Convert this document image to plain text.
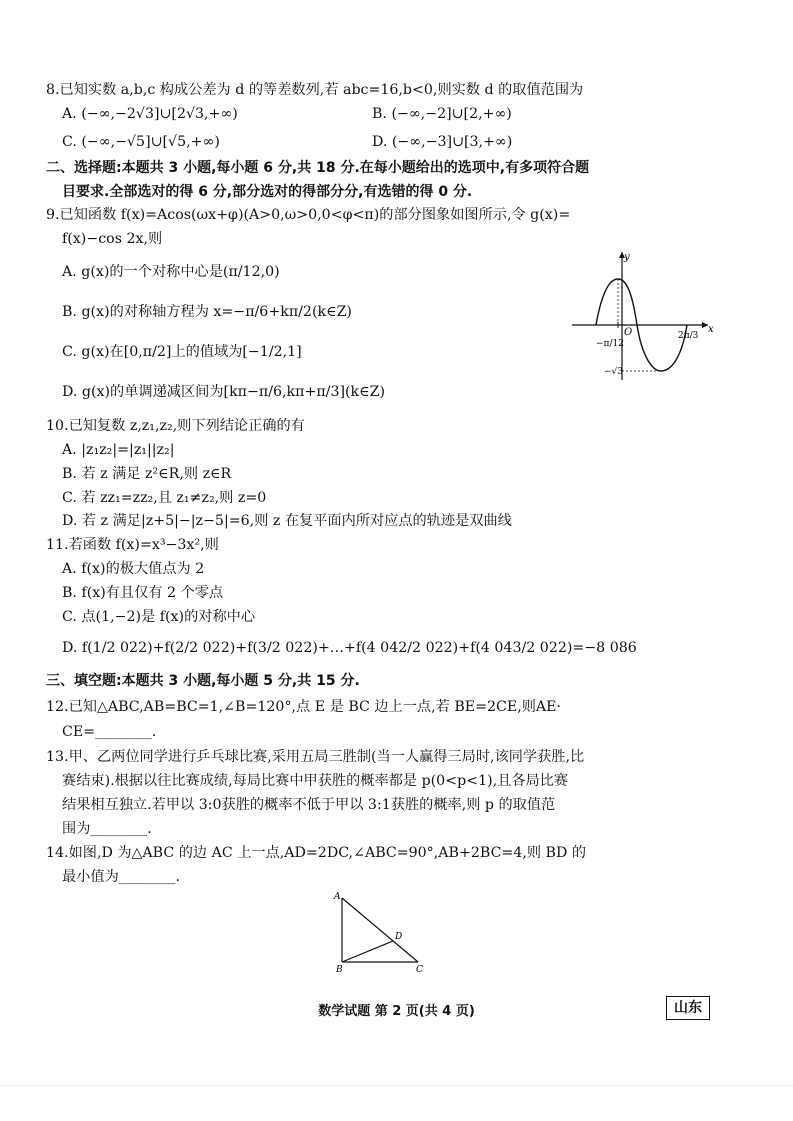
8.已知实数 a,b,c 构成公差为 d 的等差数列,若 abc=16,b<0,则实数 d 的取值范围为
A. (−∞,−2√3]∪[2√3,+∞)	B. (−∞,−2]∪[2,+∞)
C. (−∞,−√5]∪[√5,+∞)	D. (−∞,−3]∪[3,+∞)
二、选择题:本题共 3 小题,每小题 6 分,共 18 分.在每小题给出的选项中,有多项符合题
目要求.全部选对的得 6 分,部分选对的得部分分,有选错的得 0 分.
9.已知函数 f(x)=Acos(ωx+φ)(A>0,ω>0,0<φ<π)的部分图象如图所示,令 g(x)=
f(x)−cos 2x,则
A. g(x)的一个对称中心是(π/12,0)
B. g(x)的对称轴方程为 x=−π/6+kπ/2(k∈Z)
C. g(x)在[0,π/2]上的值域为[−1/2,1]
D. g(x)的单调递减区间为[kπ−π/6,kπ+π/3](k∈Z)
y
x
O
−π/12
2π/3
−√3
10.已知复数 z,z₁,z₂,则下列结论正确的有
A. |z₁z₂|=|z₁||z₂|
B. 若 z 满足 z²∈R,则 z∈R
C. 若 zz₁=zz₂,且 z₁≠z₂,则 z=0
D. 若 z 满足|z+5|−|z−5|=6,则 z 在复平面内所对应点的轨迹是双曲线
11.若函数 f(x)=x³−3x²,则
A. f(x)的极大值点为 2
B. f(x)有且仅有 2 个零点
C. 点(1,−2)是 f(x)的对称中心
D. f(1/2 022)+f(2/2 022)+f(3/2 022)+…+f(4 042/2 022)+f(4 043/2 022)=−8 086
三、填空题:本题共 3 小题,每小题 5 分,共 15 分.
12.已知△ABC,AB=BC=1,∠B=120°,点 E 是 BC 边上一点,若 BE=2CE,则AE·
CE=________.
13.甲、乙两位同学进行乒乓球比赛,采用五局三胜制(当一人赢得三局时,该同学获胜,比
赛结束).根据以往比赛成绩,每局比赛中甲获胜的概率都是 p(0<p<1),且各局比赛
结果相互独立.若甲以 3:0获胜的概率不低于甲以 3:1获胜的概率,则 p 的取值范
围为________.
14.如图,D 为△ABC 的边 AC 上一点,AD=2DC,∠ABC=90°,AB+2BC=4,则 BD 的
最小值为________.
A
B	C
D
数学试题 第 2 页(共 4 页)	山东
